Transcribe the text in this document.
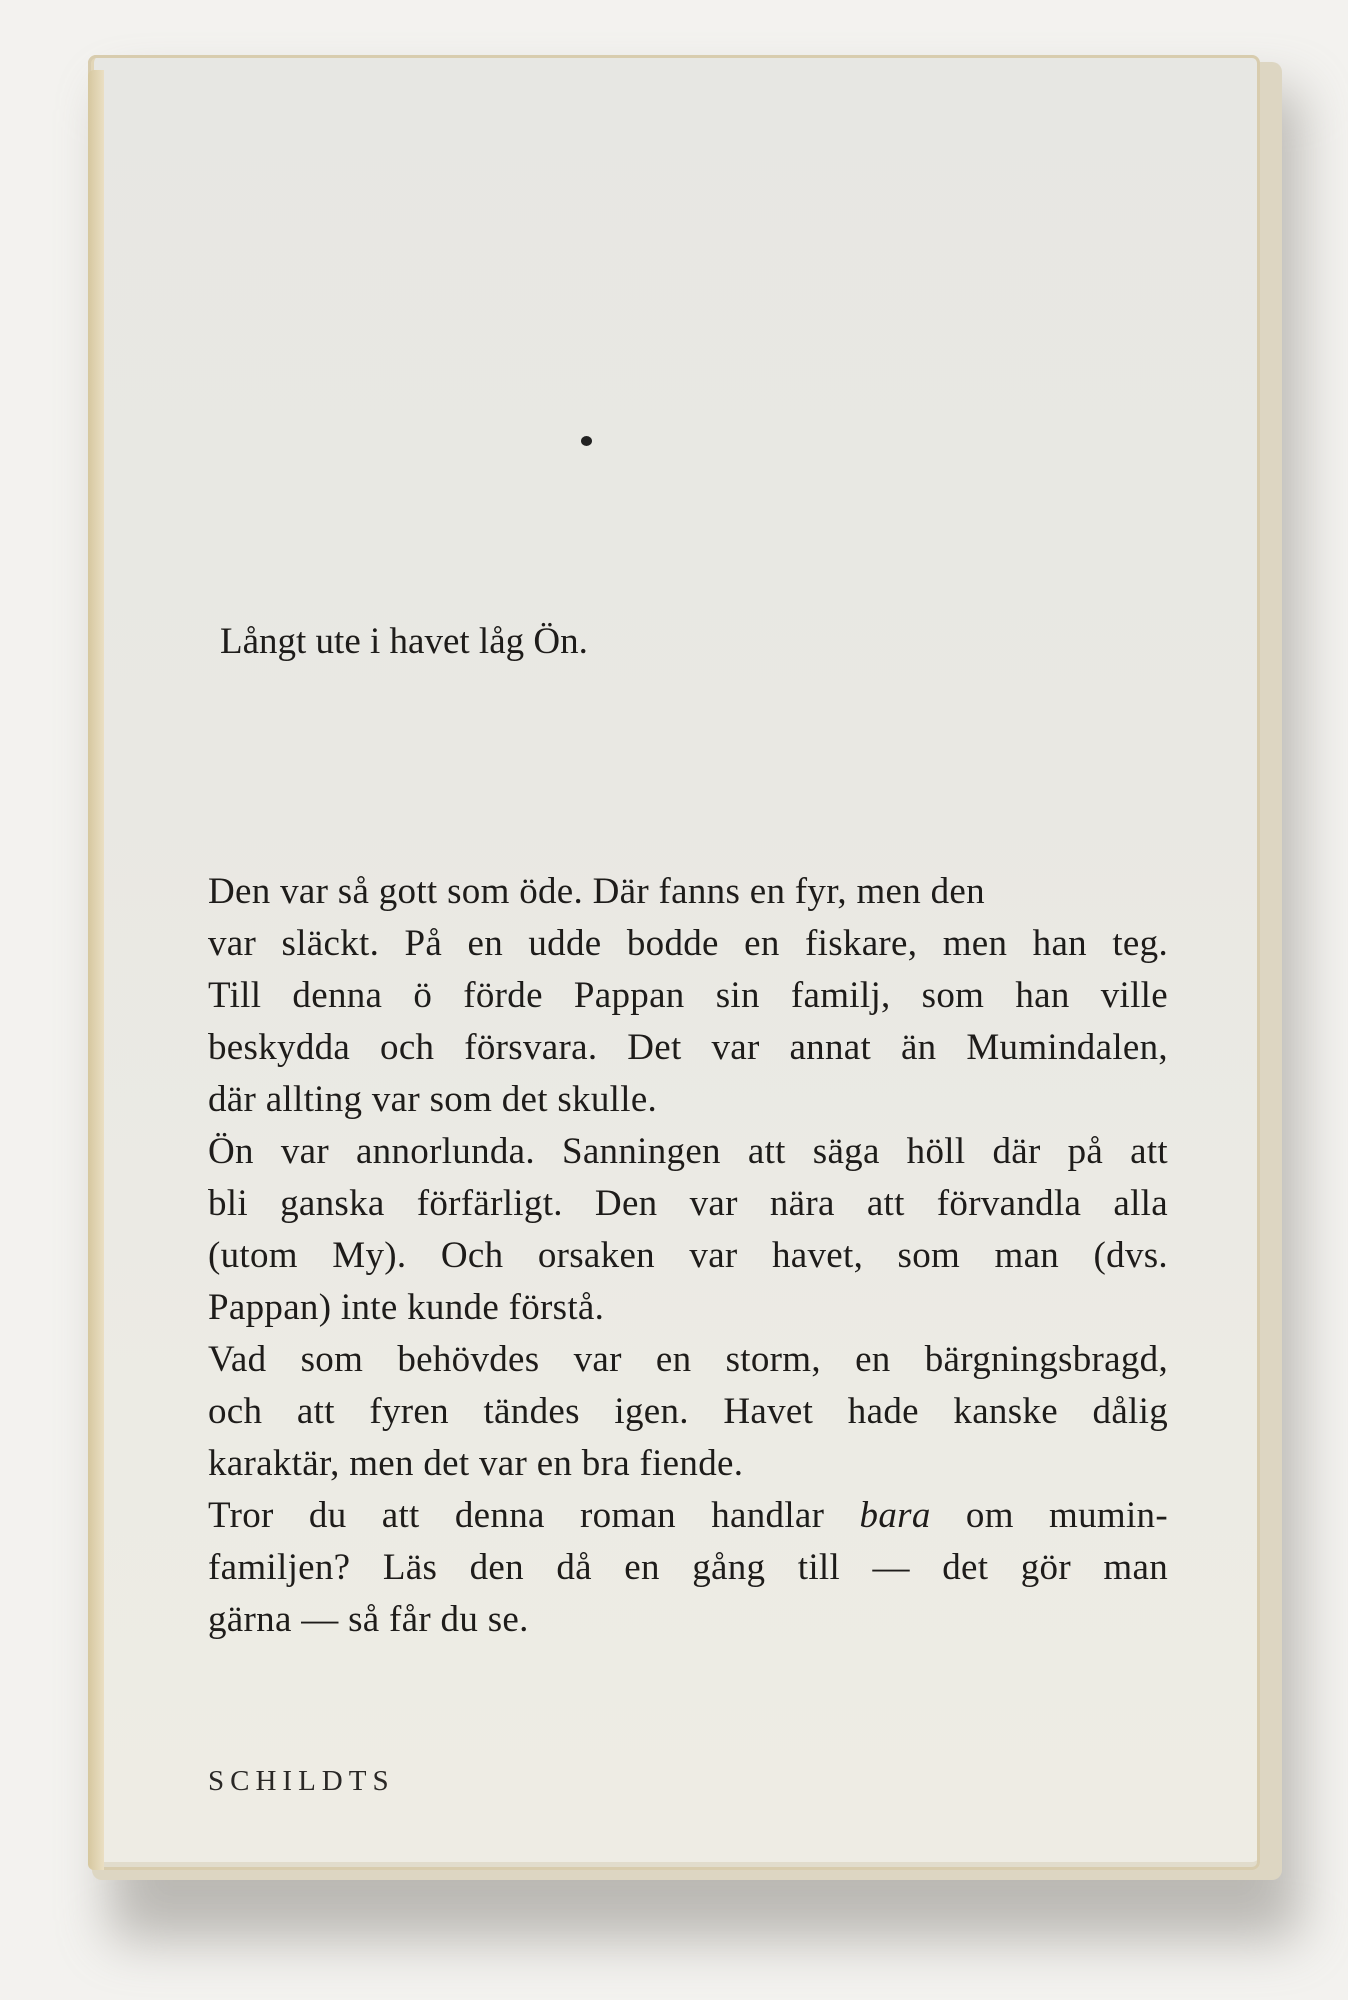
Långt ute i havet låg Ön.
Den var så gott som öde. Där fanns en fyr, men den
var släckt. På en udde bodde en fiskare, men han teg.
Till denna ö förde Pappan sin familj, som han ville
beskydda och försvara. Det var annat än Mumindalen,
där allting var som det skulle.
Ön var annorlunda. Sanningen att säga höll där på att
bli ganska förfärligt. Den var nära att förvandla alla
(utom My). Och orsaken var havet, som man (dvs.
Pappan) inte kunde förstå.
Vad som behövdes var en storm, en bärgningsbragd,
och att fyren tändes igen. Havet hade kanske dålig
karaktär, men det var en bra fiende.
Tror du att denna roman handlar bara om mumin-
familjen? Läs den då en gång till — det gör man
gärna — så får du se.
SCHILDTS
